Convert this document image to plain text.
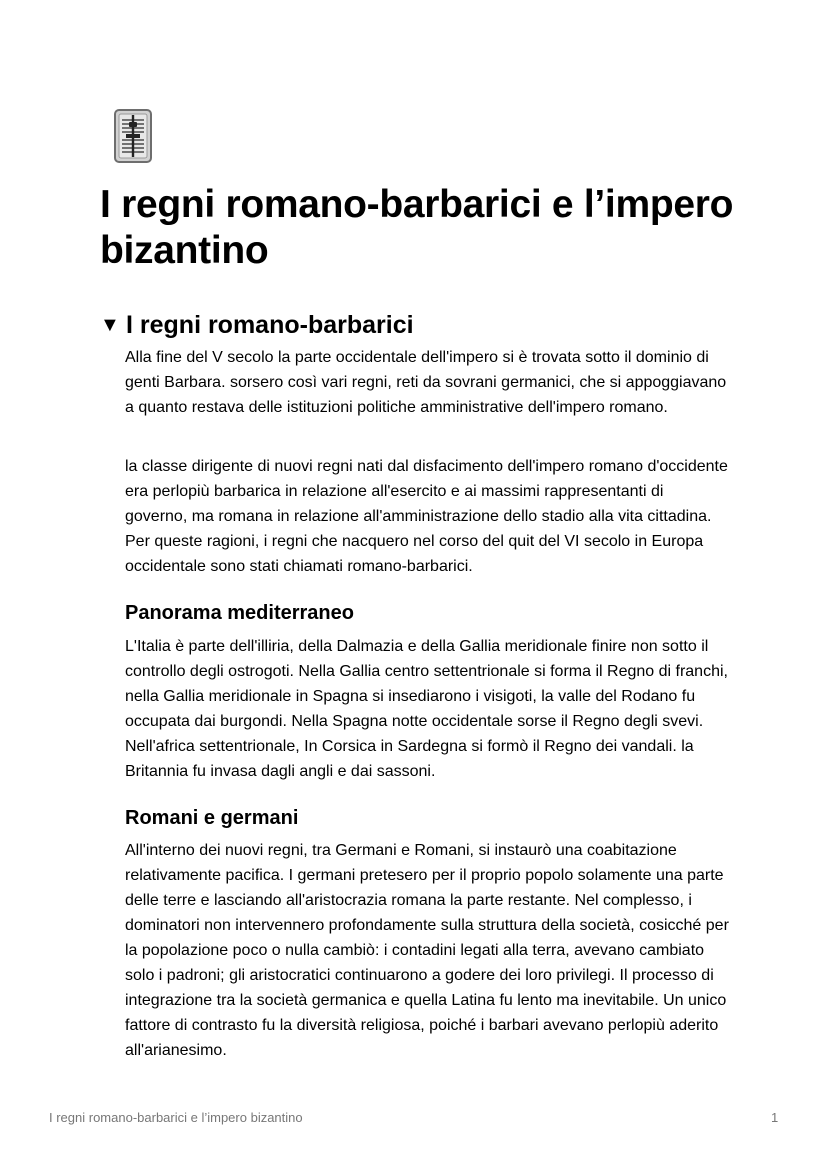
I regni romano-barbarici e l’impero bizantino
▼ I regni romano-barbarici

Alla fine del V secolo la parte occidentale dell'impero si è trovata sotto il dominio di genti Barbara. sorsero così vari regni, reti da sovrani germanici, che si appoggiavano a quanto restava delle istituzioni politiche amministrative dell'impero romano.

la classe dirigente di nuovi regni nati dal disfacimento dell'impero romano d'occidente era perlopiù barbarica in relazione all'esercito e ai massimi rappresentanti di governo, ma romana in relazione all'amministrazione dello stadio alla vita cittadina. Per queste ragioni, i regni che nacquero nel corso del quit del VI secolo in Europa occidentale sono stati chiamati romano-barbarici.

Panorama mediterraneo

L'Italia è parte dell'illiria, della Dalmazia e della Gallia meridionale finire non sotto il controllo degli ostrogoti. Nella Gallia centro settentrionale si forma il Regno di franchi, nella Gallia meridionale in Spagna si insediarono i visigoti, la valle del Rodano fu occupata dai burgondi. Nella Spagna notte occidentale sorse il Regno degli svevi. Nell'africa settentrionale, In Corsica in Sardegna si formò il Regno dei vandali. la Britannia fu invasa dagli angli e dai sassoni.

Romani e germani

All'interno dei nuovi regni, tra Germani e Romani, si instaurò una coabitazione relativamente pacifica. I germani pretesero per il proprio popolo solamente una parte delle terre e lasciando all'aristocrazia romana la parte restante. Nel complesso, i dominatori non intervennero profondamente sulla struttura della società, cosicché per la popolazione poco o nulla cambiò: i contadini legati alla terra, avevano cambiato solo i padroni; gli aristocratici continuarono a godere dei loro privilegi. Il processo di integrazione tra la società germanica e quella Latina fu lento ma inevitabile. Un unico fattore di contrasto fu la diversità religiosa, poiché i barbari avevano perlopiù aderito all'arianesimo.

I regni romano-barbarici e l’impero bizantino	1
